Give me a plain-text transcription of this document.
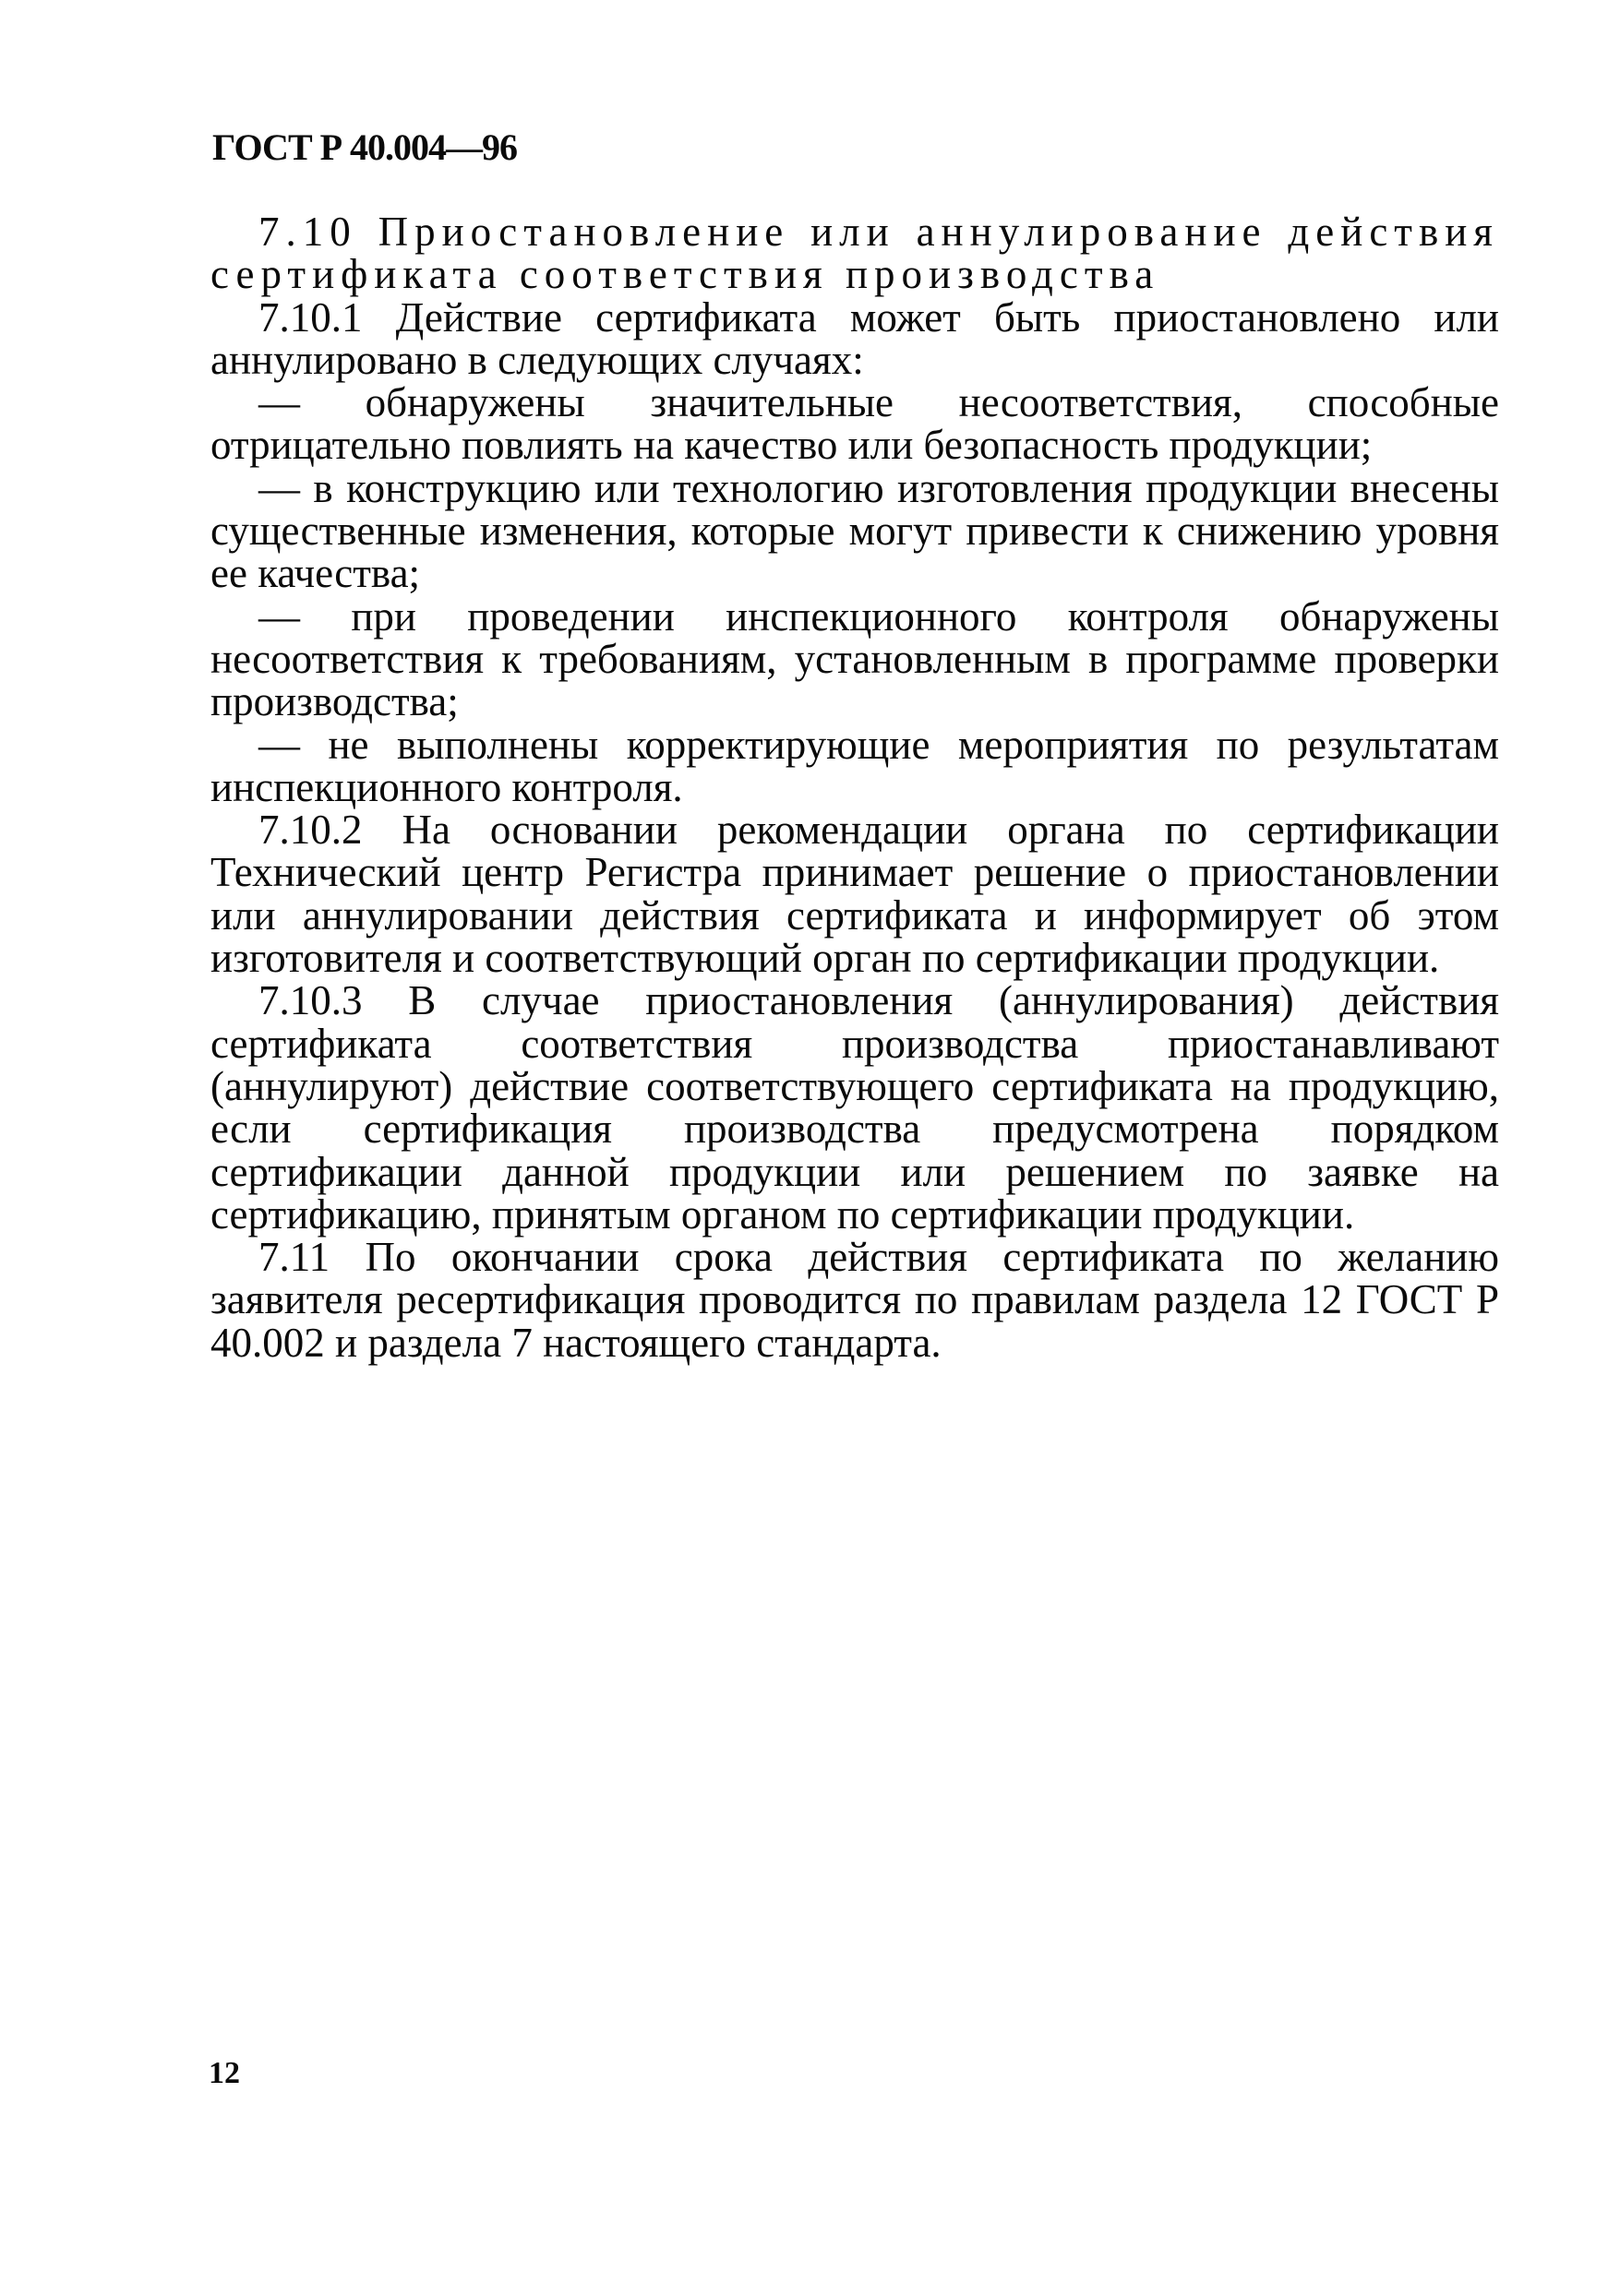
ГОСТ Р 40.004—96

7.10 Приостановление или аннулирование действия сертификата соответствия производства

7.10.1 Действие сертификата может быть приостановлено или аннулировано в следующих случаях:

— обнаружены значительные несоответствия, способные отрицательно повлиять на качество или безопасность продукции;

— в конструкцию или технологию изготовления продукции внесены существенные изменения, которые могут привести к снижению уровня ее качества;

— при проведении инспекционного контроля обнаружены несоответствия к требованиям, установленным в программе проверки производства;

— не выполнены корректирующие мероприятия по результатам инспекционного контроля.

7.10.2 На основании рекомендации органа по сертификации Технический центр Регистра принимает решение о приостановлении или аннулировании действия сертификата и информирует об этом изготовителя и соответствующий орган по сертификации продукции.

7.10.3 В случае приостановления (аннулирования) действия сертификата соответствия производства приостанавливают (аннулируют) действие соответствующего сертификата на продукцию, если сертификация производства предусмотрена порядком сертификации данной продукции или решением по заявке на сертификацию, принятым органом по сертификации продукции.

7.11 По окончании срока действия сертификата по желанию заявителя ресертификация проводится по правилам раздела 12 ГОСТ Р 40.002 и раздела 7 настоящего стандарта.

12
